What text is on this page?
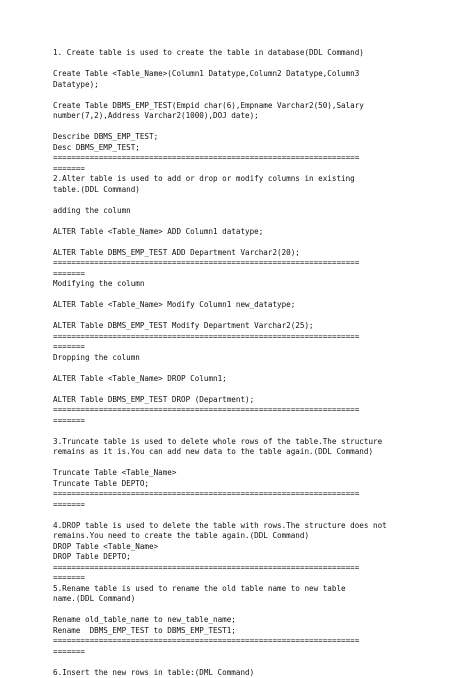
1. Create table is used to create the table in database(DDL Command)
Create Table <Table_Name>(Column1 Datatype,Column2 Datatype,Column3
Datatype);
Create Table DBMS_EMP_TEST(Empid char(6),Empname Varchar2(50),Salary
number(7,2),Address Varchar2(1000),DOJ date);
Describe DBMS_EMP_TEST;
Desc DBMS_EMP_TEST;
===================================================================
=======
2.Alter table is used to add or drop or modify columns in existing
table.(DDL Command)
adding the column
ALTER Table <Table_Name> ADD Column1 datatype;
ALTER Table DBMS_EMP_TEST ADD Department Varchar2(20);
===================================================================
=======
Modifying the column
ALTER Table <Table_Name> Modify Column1 new_datatype;
ALTER Table DBMS_EMP_TEST Modify Department Varchar2(25);
===================================================================
=======
Dropping the column
ALTER Table <Table_Name> DROP Column1;
ALTER Table DBMS_EMP_TEST DROP (Department);
===================================================================
=======
3.Truncate table is used to delete whole rows of the table.The structure
remains as it is.You can add new data to the table again.(DDL Command)
Truncate Table <Table_Name>
Truncate Table DEPTO;
===================================================================
=======
4.DROP table is used to delete the table with rows.The structure does not
remains.You need to create the table again.(DDL Command)
DROP Table <Table_Name>
DROP Table DEPTO;
===================================================================
=======
5.Rename table is used to rename the old table name to new table
name.(DDL Command)
Rename old_table_name to new_table_name;
Rename  DBMS_EMP_TEST to DBMS_EMP_TEST1;
===================================================================
=======
6.Insert the new rows in table:(DML Command)
